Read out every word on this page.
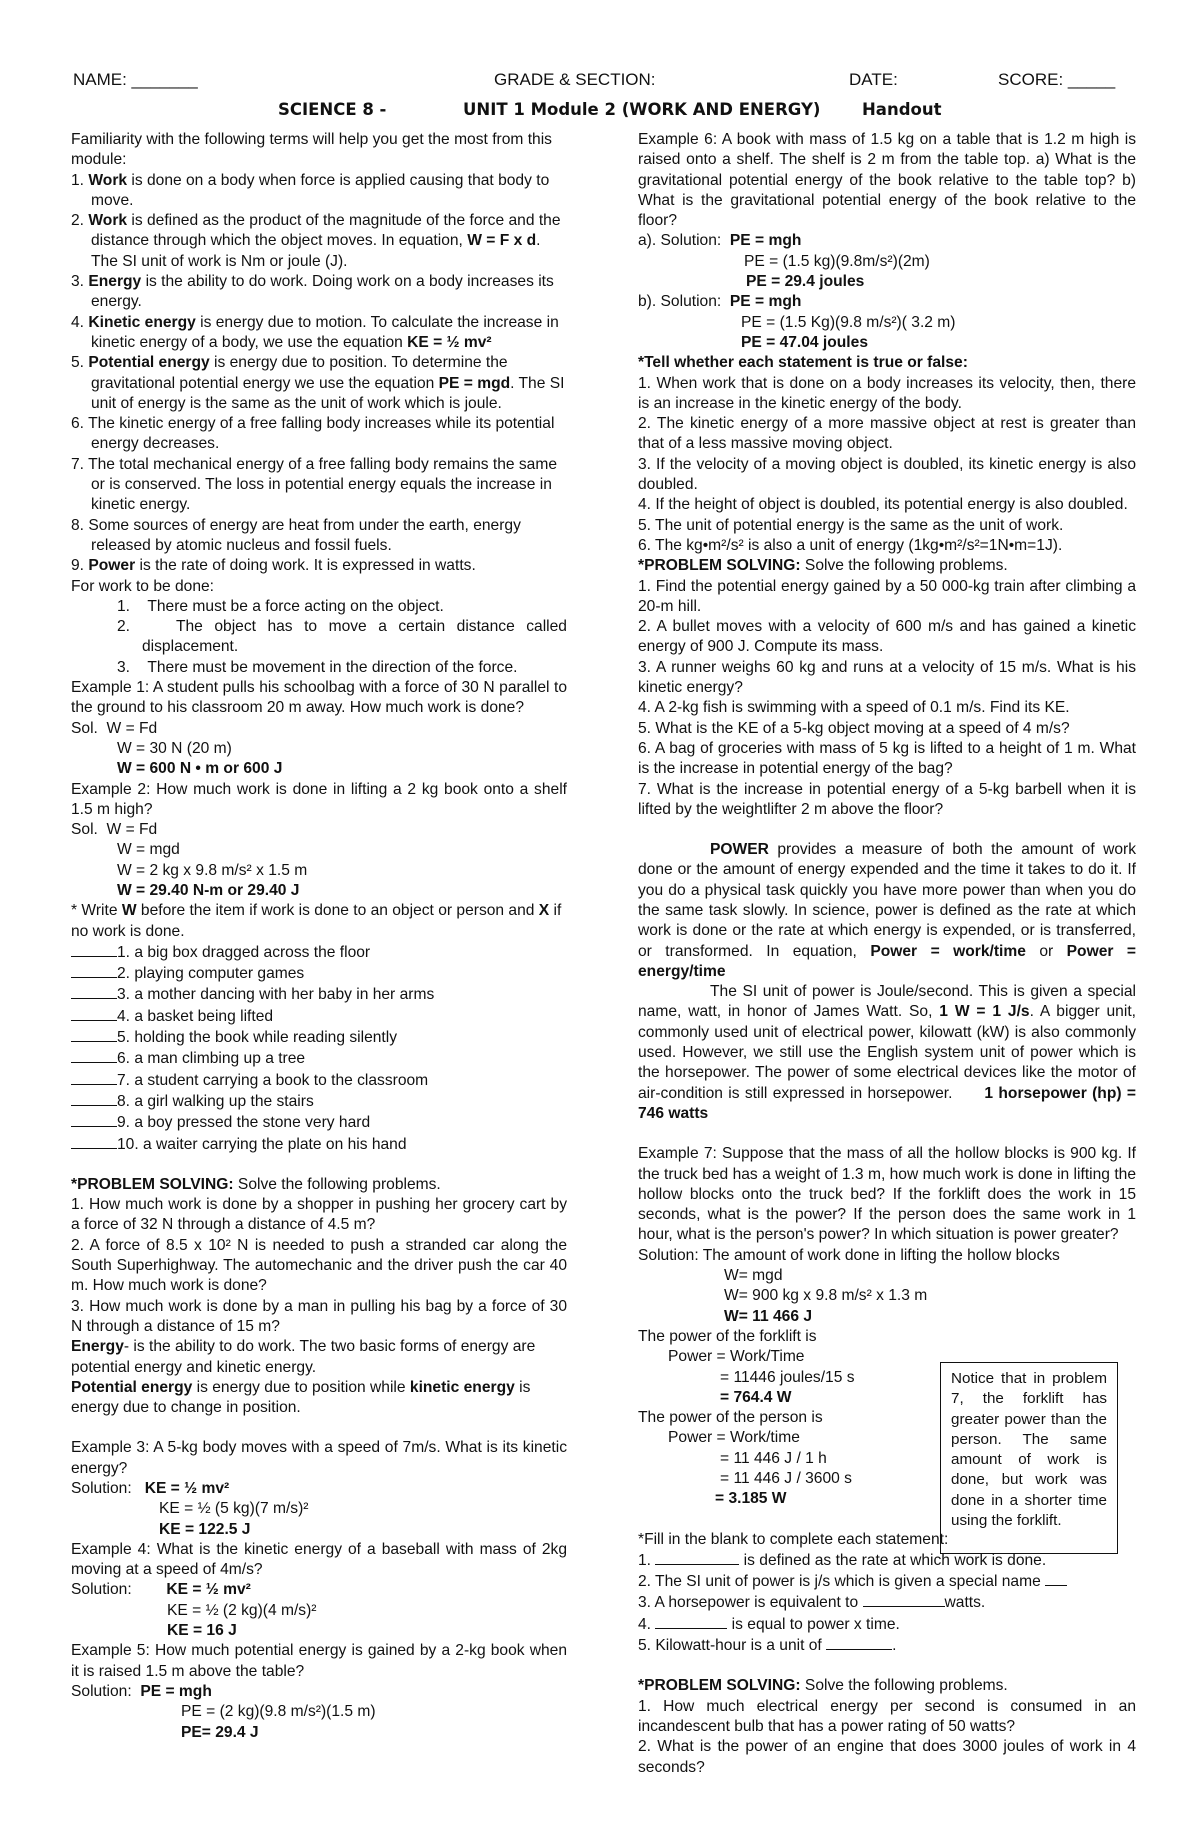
NAME: _______	GRADE & SECTION:	DATE:	SCORE: _____
SCIENCE 8 -	UNIT 1 Module 2 (WORK AND ENERGY)	Handout

Familiarity with the following terms will help you get the most from this module:

1. Work is done on a body when force is applied causing that body to move.

2. Work is defined as the product of the magnitude of the force and the distance through which the object moves. In equation, W = F x d. The SI unit of work is Nm or joule (J).

3. Energy is the ability to do work. Doing work on a body increases its energy.

4. Kinetic energy is energy due to motion. To calculate the increase in kinetic energy of a body, we use the equation KE = ½ mv²

5. Potential energy is energy due to position. To determine the gravitational potential energy we use the equation PE = mgd. The SI unit of energy is the same as the unit of work which is joule.

6. The kinetic energy of a free falling body increases while its potential energy decreases.

7. The total mechanical energy of a free falling body remains the same or is conserved. The loss in potential energy equals the increase in kinetic energy.

8. Some sources of energy are heat from under the earth, energy released by atomic nucleus and fossil fuels.

9. Power is the rate of doing work. It is expressed in watts.

For work to be done:

1. There must be a force acting on the object.

2.	The object has to move a certain distance called displacement.

3. There must be movement in the direction of the force.

Example 1: A student pulls his schoolbag with a force of 30 N parallel to the ground to his classroom 20 m away. How much work is done?

Sol. W = Fd

W = 30 N (20 m)

W = 600 N • m or 600 J

Example 2: How much work is done in lifting a 2 kg book onto a shelf 1.5 m high?

Sol. W = Fd

W = mgd

W = 2 kg x 9.8 m/s² x 1.5 m

W = 29.40 N-m or 29.40 J

* Write W before the item if work is done to an object or person and X if no work is done.

1. a big box dragged across the floor

2. playing computer games

3. a mother dancing with her baby in her arms

4. a basket being lifted

5. holding the book while reading silently

6. a man climbing up a tree

7. a student carrying a book to the classroom

8. a girl walking up the stairs

9. a boy pressed the stone very hard

10. a waiter carrying the plate on his hand

*PROBLEM SOLVING: Solve the following problems.

1. How much work is done by a shopper in pushing her grocery cart by a force of 32 N through a distance of 4.5 m?

2. A force of 8.5 x 10² N is needed to push a stranded car along the South Superhighway. The automechanic and the driver push the car 40 m. How much work is done?

3. How much work is done by a man in pulling his bag by a force of 30 N through a distance of 15 m?

Energy- is the ability to do work. The two basic forms of energy are potential energy and kinetic energy.

Potential energy is energy due to position while kinetic energy is energy due to change in position.

Example 3: A 5-kg body moves with a speed of 7m/s. What is its kinetic energy?

Solution: KE = ½ mv²

KE = ½ (5 kg)(7 m/s)²

KE = 122.5 J

Example 4: What is the kinetic energy of a baseball with mass of 2kg moving at a speed of 4m/s?

Solution: KE = ½ mv²

KE = ½ (2 kg)(4 m/s)²

KE = 16 J

Example 5: How much potential energy is gained by a 2-kg book when it is raised 1.5 m above the table?

Solution: PE = mgh

PE = (2 kg)(9.8 m/s²)(1.5 m)

PE= 29.4 J

Example 6: A book with mass of 1.5 kg on a table that is 1.2 m high is raised onto a shelf. The shelf is 2 m from the table top. a) What is the gravitational potential energy of the book relative to the table top? b) What is the gravitational potential energy of the book relative to the floor?

a). Solution: PE = mgh

PE = (1.5 kg)(9.8m/s²)(2m)

PE = 29.4 joules

b). Solution: PE = mgh

PE = (1.5 Kg)(9.8 m/s²)( 3.2 m)

PE = 47.04 joules

*Tell whether each statement is true or false:

1. When work that is done on a body increases its velocity, then, there is an increase in the kinetic energy of the body.

2. The kinetic energy of a more massive object at rest is greater than that of a less massive moving object.

3. If the velocity of a moving object is doubled, its kinetic energy is also doubled.

4. If the height of object is doubled, its potential energy is also doubled.

5. The unit of potential energy is the same as the unit of work.

6. The kg•m²/s² is also a unit of energy (1kg•m²/s²=1N•m=1J).

*PROBLEM SOLVING: Solve the following problems.

1. Find the potential energy gained by a 50 000-kg train after climbing a 20-m hill.

2. A bullet moves with a velocity of 600 m/s and has gained a kinetic energy of 900 J. Compute its mass.

3. A runner weighs 60 kg and runs at a velocity of 15 m/s. What is his kinetic energy?

4. A 2-kg fish is swimming with a speed of 0.1 m/s. Find its KE.

5. What is the KE of a 5-kg object moving at a speed of 4 m/s?

6. A bag of groceries with mass of 5 kg is lifted to a height of 1 m. What is the increase in potential energy of the bag?

7. What is the increase in potential energy of a 5-kg barbell when it is lifted by the weightlifter 2 m above the floor?

POWER provides a measure of both the amount of work done or the amount of energy expended and the time it takes to do it. If you do a physical task quickly you have more power than when you do the same task slowly. In science, power is defined as the rate at which work is done or the rate at which energy is expended, or is transferred, or transformed. In equation, Power = work/time or Power = energy/time

The SI unit of power is Joule/second. This is given a special name, watt, in honor of James Watt. So, 1 W = 1 J/s. A bigger unit, commonly used unit of electrical power, kilowatt (kW) is also commonly used. However, we still use the English system unit of power which is the horsepower. The power of some electrical devices like the motor of air-condition is still expressed in horsepower. 1 horsepower (hp) = 746 watts

Example 7: Suppose that the mass of all the hollow blocks is 900 kg. If the truck bed has a weight of 1.3 m, how much work is done in lifting the hollow blocks onto the truck bed? If the forklift does the work in 15 seconds, what is the power? If the person does the same work in 1 hour, what is the person's power? In which situation is power greater?

Solution: The amount of work done in lifting the hollow blocks

W= mgd

W= 900 kg x 9.8 m/s² x 1.3 m

W= 11 466 J

The power of the forklift is

Power = Work/Time

= 11446 joules/15 s

= 764.4 W

The power of the person is

Power = Work/time

= 11 446 J / 1 h

= 11 446 J / 3600 s

= 3.185 W

*Fill in the blank to complete each statement:

1.	is defined as the rate at which work is done.

2. The SI unit of power is j/s which is given a special name

3. A horsepower is equivalent to	watts.

4.	is equal to power x time.

5. Kilowatt-hour is a unit of	.

*PROBLEM SOLVING: Solve the following problems.

1. How much electrical energy per second is consumed in an incandescent bulb that has a power rating of 50 watts?

2. What is the power of an engine that does 3000 joules of work in 4 seconds?

Notice that in problem 7, the forklift has greater power than the person. The same amount of work is done, but work was done in a shorter time using the forklift.
